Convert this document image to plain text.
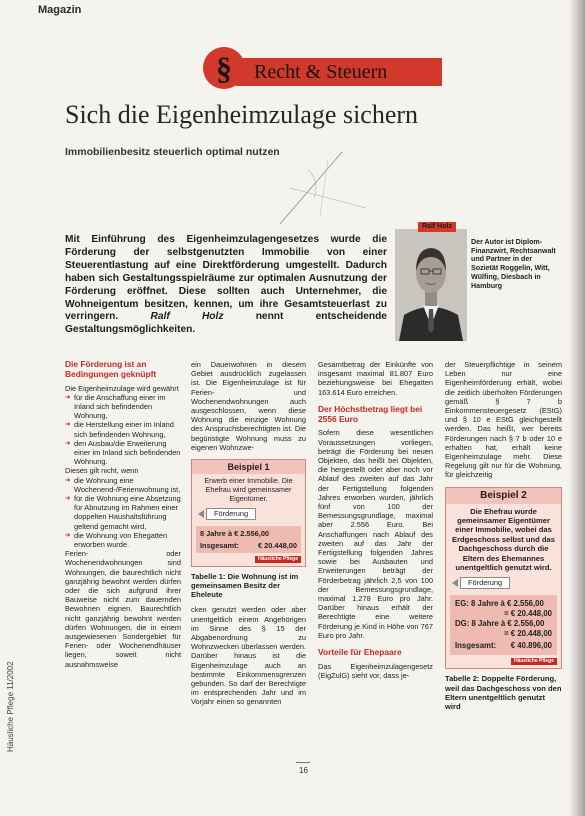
Magazin
§	Recht & Steuern
Sich die Eigenheimzulage sichern
Immobilienbesitz steuerlich optimal nutzen

Mit Einführung des Eigenheimzulagengesetzes wurde die Förderung der selbstgenutzten Immobilie von einer Steuerentlastung auf eine Direktförderung umgestellt. Dadurch haben sich Gestaltungsspielräume zur optimalen Ausnutzung der Förderung eröffnet. Diese sollten auch Unternehmer, die Wohneigentum besitzen, kennen, um ihre Gesamtsteuerlast zu verringern.	Ralf Holz	nennt entscheidende Gestaltungsmöglichkeiten.

Ralf Holz
Der Autor ist Diplom-Finanzwirt, Rechtsanwalt und Partner in der Sozietät Roggelin, Witt, Wülfing, Diesbach in Hamburg
Die Förderung ist an Bedingungen geknüpft

Die Eigenheimzulage wird gewährt

➜ für die Anschaffung einer im Inland sich befindenden Wohnung,
➜ die Herstellung einer im Inland sich befindenden Wohnung,
➜ den Ausbau/die Erweiterung einer im Inland sich befindenden Wohnung.

Dieses gilt nicht, wenn

➜ die Wohnung eine Wochenend-/Ferienwohnung ist,
➜ für die Wohnung eine Absetzung für Abnutzung im Rahmen einer doppelten Haushaltsführung geltend gemacht wird,
➜ die Wohnung von Ehegatten erworben wurde.

Ferien- oder Wochenendwohnungen sind Wohnungen, die baurechtlich nicht ganzjährig bewohnt werden dürfen oder die sich aufgrund ihrer Bauweise nicht zum dauernden Bewohnen eignen. Baurechtlich nicht ganzjährig bewohnt werden dürfen Wohnungen, die in einem ausgewiesenen Sondergebiet für Ferien- oder Wochenendhäuser liegen, soweit nicht ausnahmsweise

ein Dauerwohnen in diesem Gebiet ausdrücklich zugelassen ist. Die Eigenheimzulage ist für Ferien- und Wochenendwohnungen auch ausgeschlossen, wenn diese Wohnung die einzige Wohnung des Anspruchsberechtigten ist. Die begünstigte Wohnung muss zu eigenen Wohnzwe-

Beispiel 1
Erwerb einer Immobilie. Die Ehefrau wird gemeinsamer Eigentümer.
Förderung
8 Jahre à € 2.556,00
Insgesamt:	€ 20.448,00
Häusliche Pflege
Tabelle 1: Die Wohnung ist im gemeinsamen Besitz der Eheleute

cken genutzt werden oder aber unentgeltlich einem Angehörigen im Sinne des § 15 der Abgabenordnung zu Wohnzwecken überlassen werden. Darüber hinaus ist die Eigenheimzulage auch an bestimmte Einkommensgrenzen gebunden. So darf der Berechtigte im entsprechenden Jahr und im Vorjahr einen so genannten

Gesamtbetrag der Einkünfte von insgesamt maximal 81.807 Euro beziehungsweise bei Ehegatten 163.614 Euro erreichen.

Der Höchstbetrag liegt bei 2556 Euro

Sofern diese wesentlichen Voraussetzungen vorliegen, beträgt die Förderung bei neuen Objekten, das heißt bei Objekten, die hergestellt oder aber noch vor Ablauf des zweiten auf das Jahr der Fertigstellung folgenden Jahres erworben wurden, jährlich fünf von 100 der Bemessungsgrundlage, maximal aber 2.556 Euro. Bei Anschaffungen nach Ablauf des zweiten auf das Jahr der Fertigstellung folgenden Jahres sowie bei Ausbauten und Erweiterungen beträgt der Förderbetrag jährlich 2,5 von 100 der Bemessungsgrundlage, maximal 1.278 Euro pro Jahr. Darüber hinaus erhält der Berechtigte eine weitere Förderung je Kind in Höhe von 767 Euro pro Jahr.

Vorteile für Ehepaare

Das Eigenheimzulagengesetz (EigZulG) sieht vor, dass je-

der Steuerpflichtige in seinem Leben nur eine Eigenheimförderung erhält, wobei die zeitlich überholten Förderungen gemäß § 7 b Einkommensteuergesetz (EStG) und § 10 e EStG gleichgestellt werden. Das heißt, wer bereits Förderungen nach § 7 b oder 10 e erhalten hat, erhält keine Eigenheimzulage mehr. Diese Regelung gilt nur für die Wohnung, für gleichzeitig

Beispiel 2
Die Ehefrau wurde gemeinsamer Eigentümer einer Immobilie, wobei das Erdgeschoss selbst und das Dachgeschoss durch die Eltern des Ehemannes unentgeltlich genutzt wird.
Förderung
EG: 8 Jahre à € 2.556,00
= € 20.448,00
DG: 8 Jahre à € 2.556,00
= € 20.448,00
Insgesamt: € 40.896,00
Häusliche Pflege
Tabelle 2: Doppelte Förderung, weil das Dachgeschoss von den Eltern unentgeltlich genutzt wird
Häusliche Pflege 11/2002
16
